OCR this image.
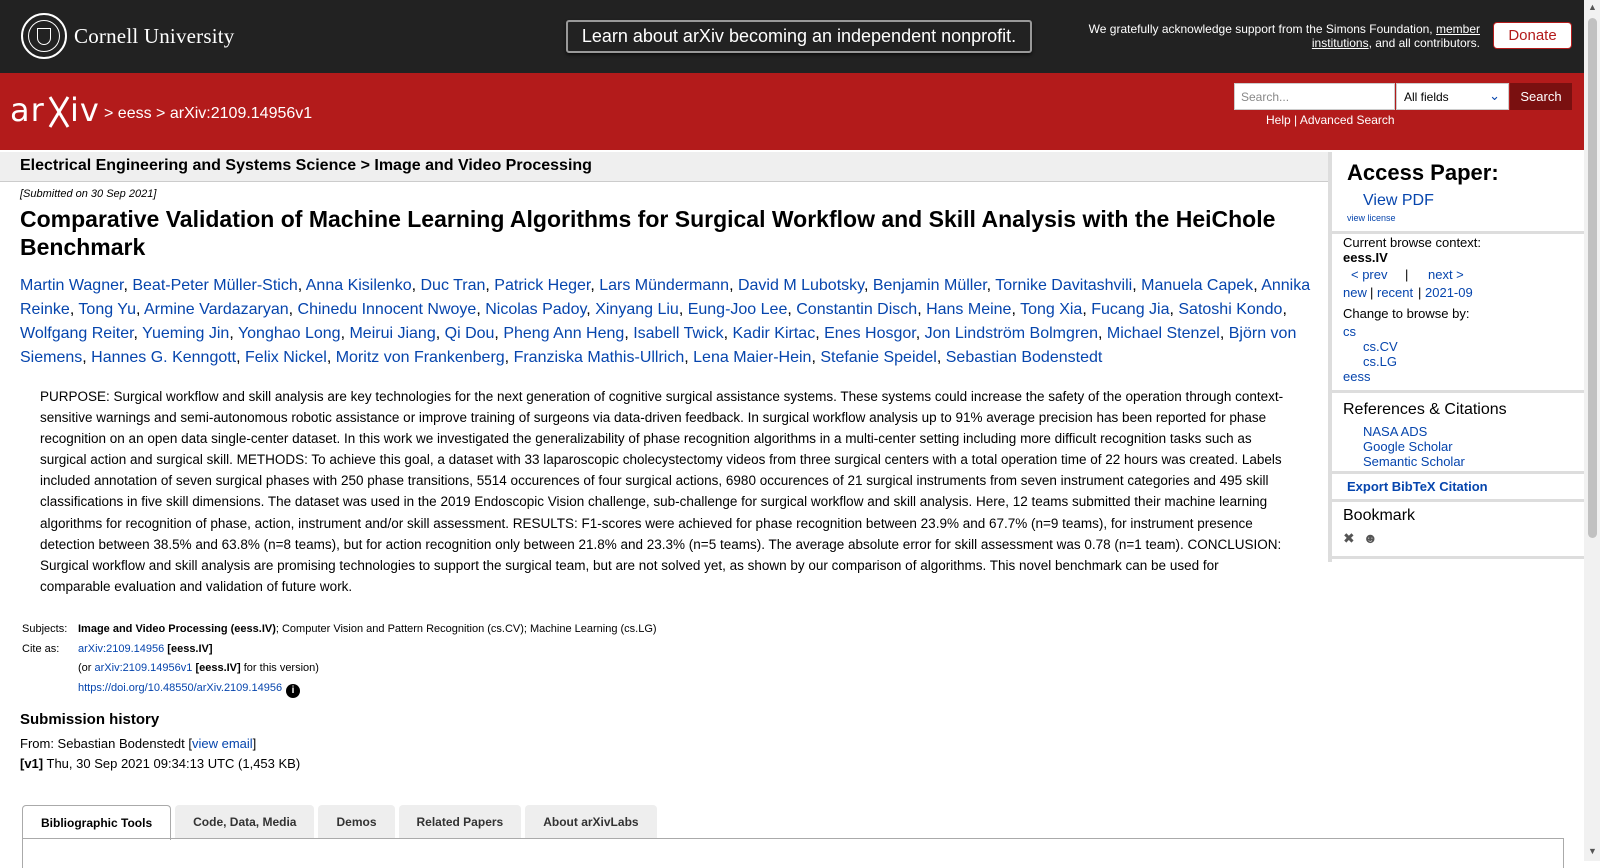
Cornell University	Learn about arXiv becoming an independent nonprofit.	We gratefully acknowledge support from the Simons Foundation, member institutions, and all contributors.	Donate
ar iv > eess > arXiv:2109.14956v1
Search...	All fields	⌄	Search
Help | Advanced Search
Electrical Engineering and Systems Science > Image and Video Processing
[Submitted on 30 Sep 2021]
Comparative Validation of Machine Learning Algorithms for Surgical Workflow and Skill Analysis with the HeiChole Benchmark
Martin Wagner, Beat-Peter Müller-Stich, Anna Kisilenko, Duc Tran, Patrick Heger, Lars Mündermann, David M Lubotsky, Benjamin Müller, Tornike Davitashvili, Manuela Capek, Annika Reinke, Tong Yu, Armine Vardazaryan, Chinedu Innocent Nwoye, Nicolas Padoy, Xinyang Liu, Eung-Joo Lee, Constantin Disch, Hans Meine, Tong Xia, Fucang Jia, Satoshi Kondo, Wolfgang Reiter, Yueming Jin, Yonghao Long, Meirui Jiang, Qi Dou, Pheng Ann Heng, Isabell Twick, Kadir Kirtac, Enes Hosgor, Jon Lindström Bolmgren, Michael Stenzel, Björn von Siemens, Hannes G. Kenngott, Felix Nickel, Moritz von Frankenberg, Franziska Mathis-Ullrich, Lena Maier-Hein, Stefanie Speidel, Sebastian Bodenstedt
PURPOSE: Surgical workflow and skill analysis are key technologies for the next generation of cognitive surgical assistance systems. These systems could increase the safety of the operation through context-sensitive warnings and semi-autonomous robotic assistance or improve training of surgeons via data-driven feedback. In surgical workflow analysis up to 91% average precision has been reported for phase recognition on an open data single-center dataset. In this work we investigated the generalizability of phase recognition algorithms in a multi-center setting including more difficult recognition tasks such as surgical action and surgical skill. METHODS: To achieve this goal, a dataset with 33 laparoscopic cholecystectomy videos from three surgical centers with a total operation time of 22 hours was created. Labels included annotation of seven surgical phases with 250 phase transitions, 5514 occurences of four surgical actions, 6980 occurences of 21 surgical instruments from seven instrument categories and 495 skill classifications in five skill dimensions. The dataset was used in the 2019 Endoscopic Vision challenge, sub-challenge for surgical workflow and skill analysis. Here, 12 teams submitted their machine learning algorithms for recognition of phase, action, instrument and/or skill assessment. RESULTS: F1-scores were achieved for phase recognition between 23.9% and 67.7% (n=9 teams), for instrument presence detection between 38.5% and 63.8% (n=8 teams), but for action recognition only between 21.8% and 23.3% (n=5 teams). The average absolute error for skill assessment was 0.78 (n=1 team). CONCLUSION: Surgical workflow and skill analysis are promising technologies to support the surgical team, but are not solved yet, as shown by our comparison of algorithms. This novel benchmark can be used for comparable evaluation and validation of future work.
Subjects:	Image and Video Processing (eess.IV); Computer Vision and Pattern Recognition (cs.CV); Machine Learning (cs.LG)
Cite as:	arXiv:2109.14956 [eess.IV]
	(or arXiv:2109.14956v1 [eess.IV] for this version)
	https://doi.org/10.48550/arXiv.2109.14956 i
Submission history
From: Sebastian Bodenstedt [view email]
[v1] Thu, 30 Sep 2021 09:34:13 UTC (1,453 KB)
Bibliographic Tools	Code, Data, Media	Demos	Related Papers	About arXivLabs
Access Paper:
View PDF
view license
Current browse context:
eess.IV
< prev | next >
new | recent | 2021-09
Change to browse by:
cs
cs.CV
cs.LG
eess
References & Citations
NASA ADS
Google Scholar
Semantic Scholar
Export BibTeX Citation
Bookmark
✖ ☻
▲
▼
